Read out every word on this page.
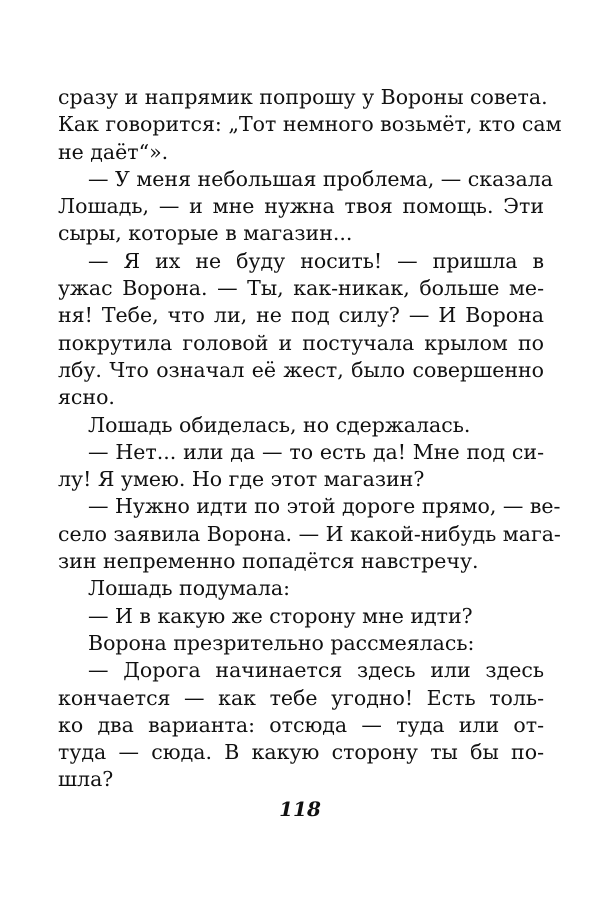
сразу и напрямик попрошу у Вороны совета.
Как говорится: „Тот немного возьмёт, кто сам
не даёт“».
— У меня небольшая проблема, — сказала
Лошадь, — и мне нужна твоя помощь. Эти
сыры, которые в магазин...
— Я их не буду носить! — пришла в
ужас Ворона. — Ты, как-никак, больше ме-
ня! Тебе, что ли, не под силу? — И Ворона
покрутила головой и постучала крылом по
лбу. Что означал её жест, было совершенно
ясно.
Лошадь обиделась, но сдержалась.
— Нет... или да — то есть да! Мне под си-
лу! Я умею. Но где этот магазин?
— Нужно идти по этой дороге прямо, — ве-
село заявила Ворона. — И какой-нибудь мага-
зин непременно попадётся навстречу.
Лошадь подумала:
— И в какую же сторону мне идти?
Ворона презрительно рассмеялась:
— Дорога начинается здесь или здесь
кончается — как тебе угодно! Есть толь-
ко два варианта: отсюда — туда или от-
туда — сюда. В какую сторону ты бы по-
шла?
118
